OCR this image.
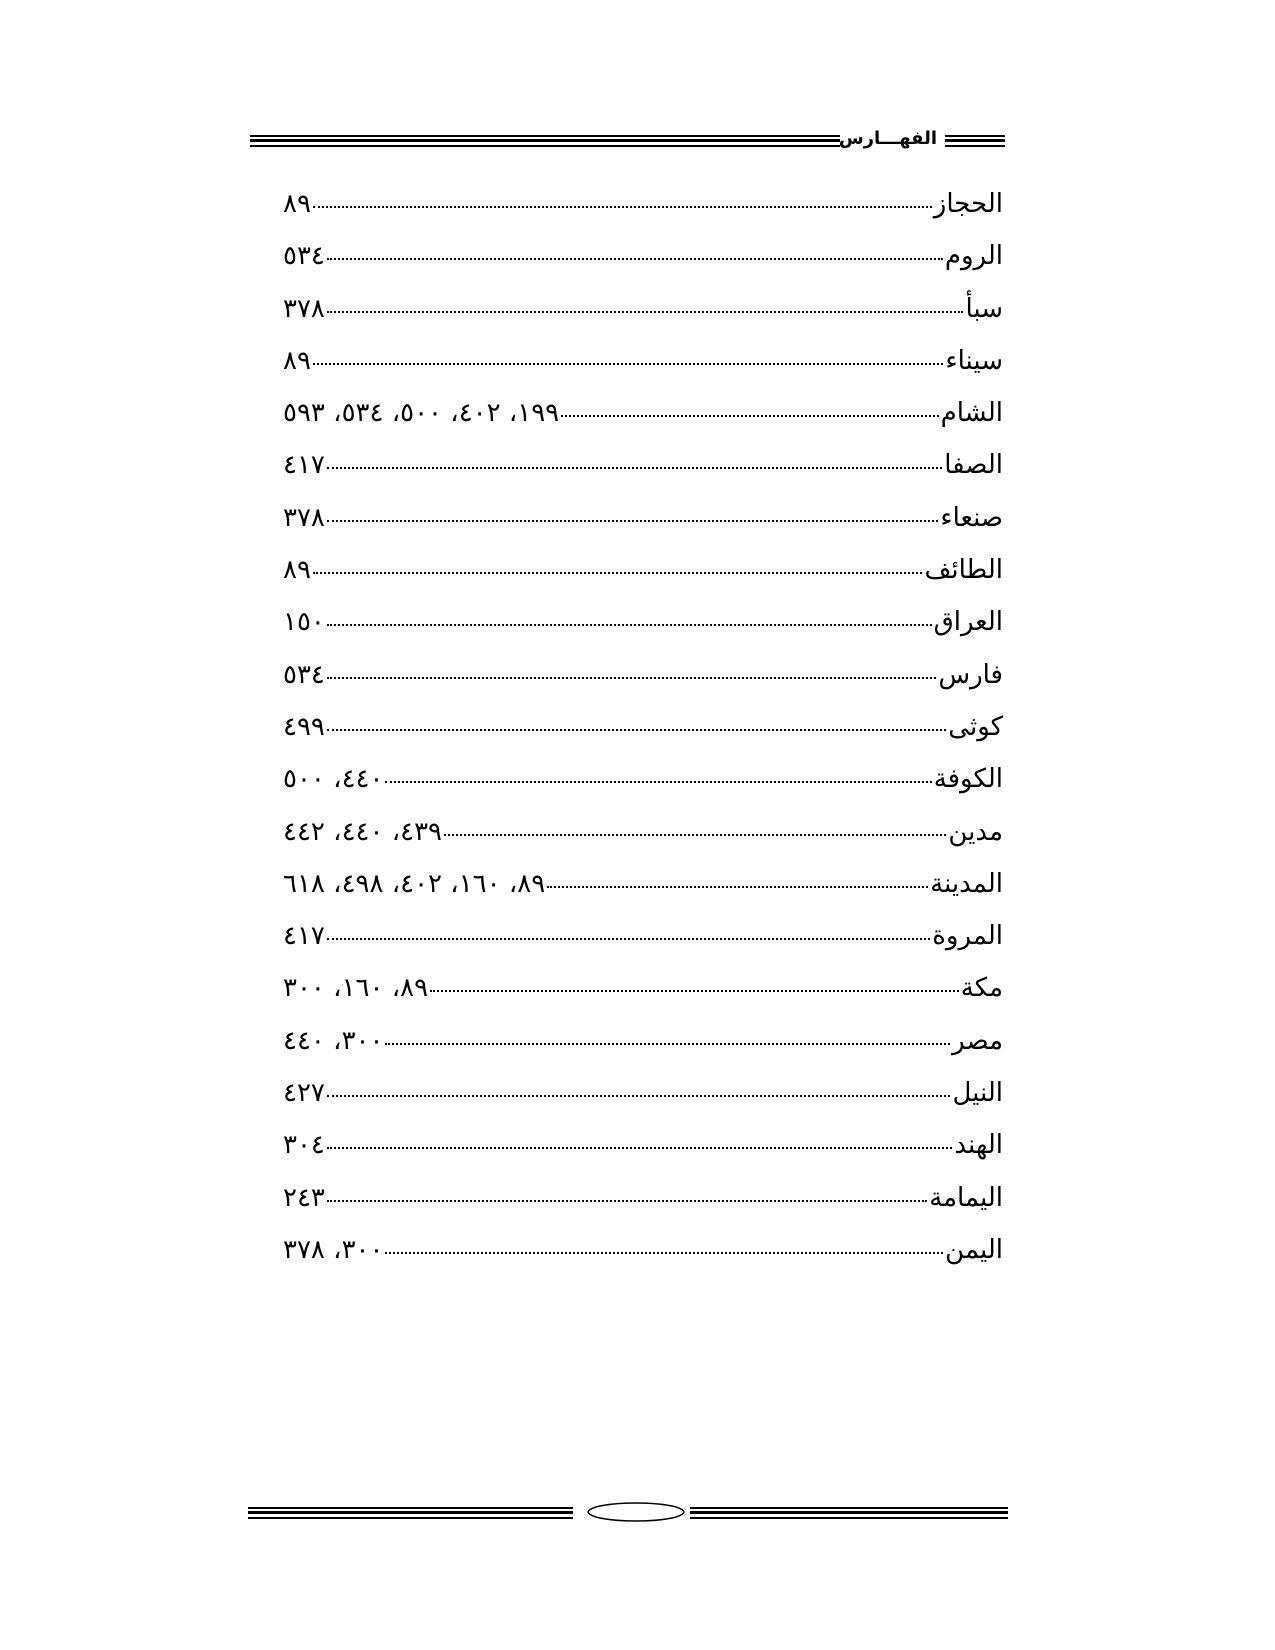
الفهـــارس
الحجاز
٨٩
الروم
٥٣٤
سبأ
٣٧٨
سيناء
٨٩
الشام
١٩٩، ٤٠٢، ٥٠٠، ٥٣٤، ٥٩٣
الصفا
٤١٧
صنعاء
٣٧٨
الطائف
٨٩
العراق
١٥٠
فارس
٥٣٤
كوثى
٤٩٩
الكوفة
٤٤٠، ٥٠٠
مدين
٤٣٩، ٤٤٠، ٤٤٢
المدينة
٨٩، ١٦٠، ٤٠٢، ٤٩٨، ٦١٨
المروة
٤١٧
مكة
٨٩، ١٦٠، ٣٠٠
مصر
٣٠٠، ٤٤٠
النيل
٤٢٧
الهند
٣٠٤
اليمامة
٢٤٣
اليمن
٣٠٠، ٣٧٨
